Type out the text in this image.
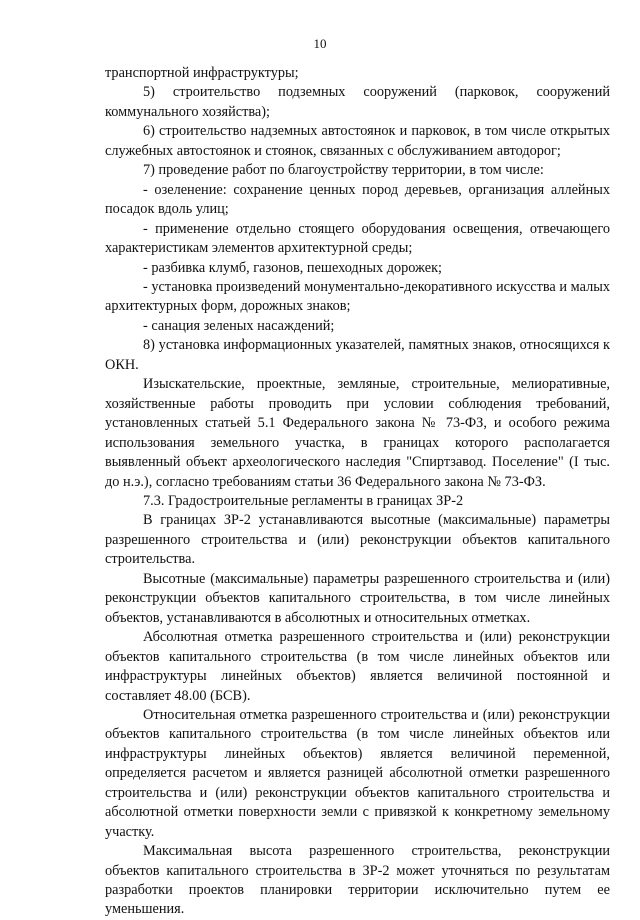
10

транспортной инфраструктуры;

5) строительство подземных сооружений (парковок, сооружений коммунального хозяйства);

6) строительство надземных автостоянок и парковок, в том числе открытых служебных автостоянок и стоянок, связанных с обслуживанием автодорог;

7) проведение работ по благоустройству территории, в том числе:

- озеленение: сохранение ценных пород деревьев, организация аллейных посадок вдоль улиц;

- применение отдельно стоящего оборудования освещения, отвечающего характеристикам элементов архитектурной среды;

- разбивка клумб, газонов, пешеходных дорожек;

- установка произведений монументально-декоративного искусства и малых архитектурных форм, дорожных знаков;

- санация зеленых насаждений;

8) установка информационных указателей, памятных знаков, относящихся к ОКН.

Изыскательские, проектные, земляные, строительные, мелиоративные, хозяйственные работы проводить при условии соблюдения требований, установленных статьей 5.1 Федерального закона № 73-ФЗ, и особого режима использования земельного участка, в границах которого располагается выявленный объект археологического наследия "Спиртзавод. Поселение" (I тыс. до н.э.), согласно требованиям статьи 36 Федерального закона № 73-ФЗ.

7.3. Градостроительные регламенты в границах ЗР-2

В границах ЗР-2 устанавливаются высотные (максимальные) параметры разрешенного строительства и (или) реконструкции объектов капитального строительства.

Высотные (максимальные) параметры разрешенного строительства и (или) реконструкции объектов капитального строительства, в том числе линейных объектов, устанавливаются в абсолютных и относительных отметках.

Абсолютная отметка разрешенного строительства и (или) реконструкции объектов капитального строительства (в том числе линейных объектов или инфраструктуры линейных объектов) является величиной постоянной и составляет 48.00 (БСВ).

Относительная отметка разрешенного строительства и (или) реконструкции объектов капитального строительства (в том числе линейных объектов или инфраструктуры линейных объектов) является величиной переменной, определяется расчетом и является разницей абсолютной отметки разрешенного строительства и (или) реконструкции объектов капитального строительства и абсолютной отметки поверхности земли с привязкой к конкретному земельному участку.

Максимальная высота разрешенного строительства, реконструкции объектов капитального строительства в ЗР-2 может уточняться по результатам разработки проектов планировки территории исключительно путем ее уменьшения.
